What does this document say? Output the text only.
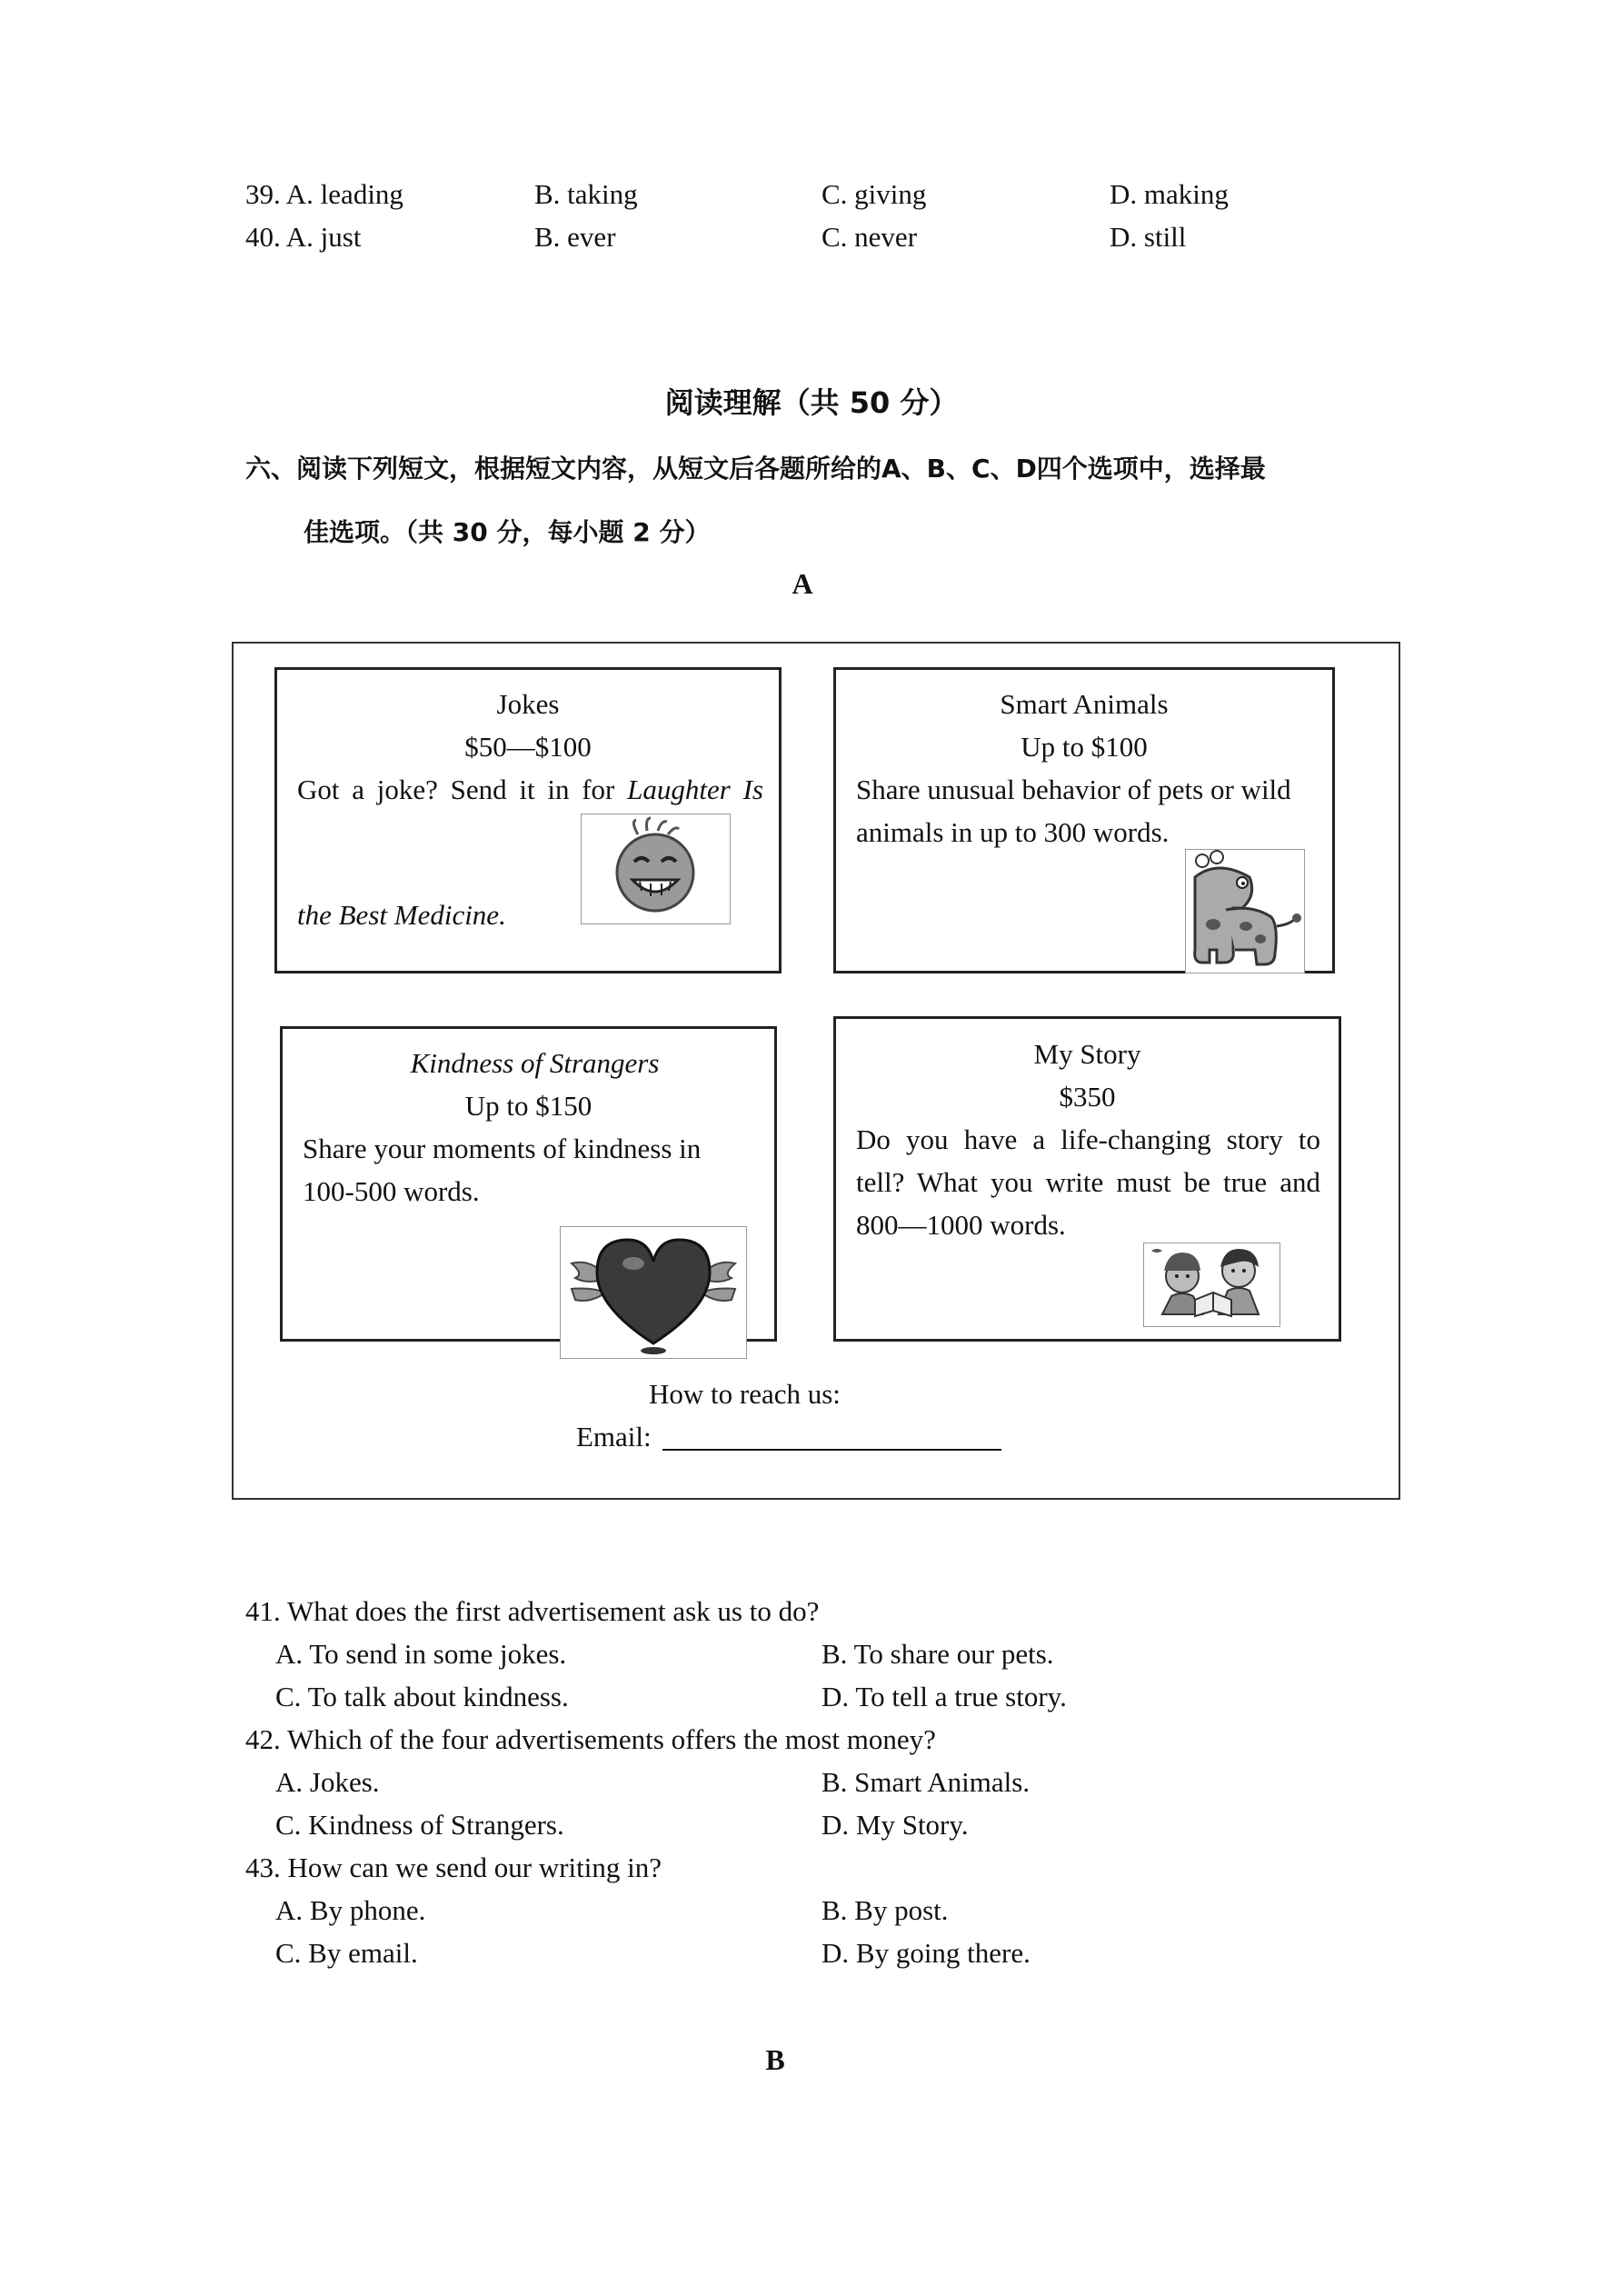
39. A. leading	B. taking	C. giving	D. making
40. A. just	B. ever	C. never	D. still
阅读理解（共 50 分）
六、阅读下列短文，根据短文内容，从短文后各题所给的A、B、C、D四个选项中，选择最
佳选项。（共 30 分，每小题 2 分）
A
Jokes
$50—$100
Got a joke? Send it in for Laughter Is
the Best Medicine.
Smart Animals
Up to $100
Share unusual behavior of pets or wild
animals in up to 300 words.
Kindness of Strangers
Up to $150
Share your moments of kindness in
100-500 words.
My Story
$350
Do you have a life-changing story to
tell? What you write must be true and
800—1000 words.
How to reach us:
Email:
41. What does the first advertisement ask us to do?
A. To send in some jokes.	B. To share our pets.
C. To talk about kindness.	D. To tell a true story.
42. Which of the four advertisements offers the most money?
A. Jokes.	B. Smart Animals.
C. Kindness of Strangers.	D. My Story.
43. How can we send our writing in?
A. By phone.	B. By post.
C. By email.	D. By going there.
B
